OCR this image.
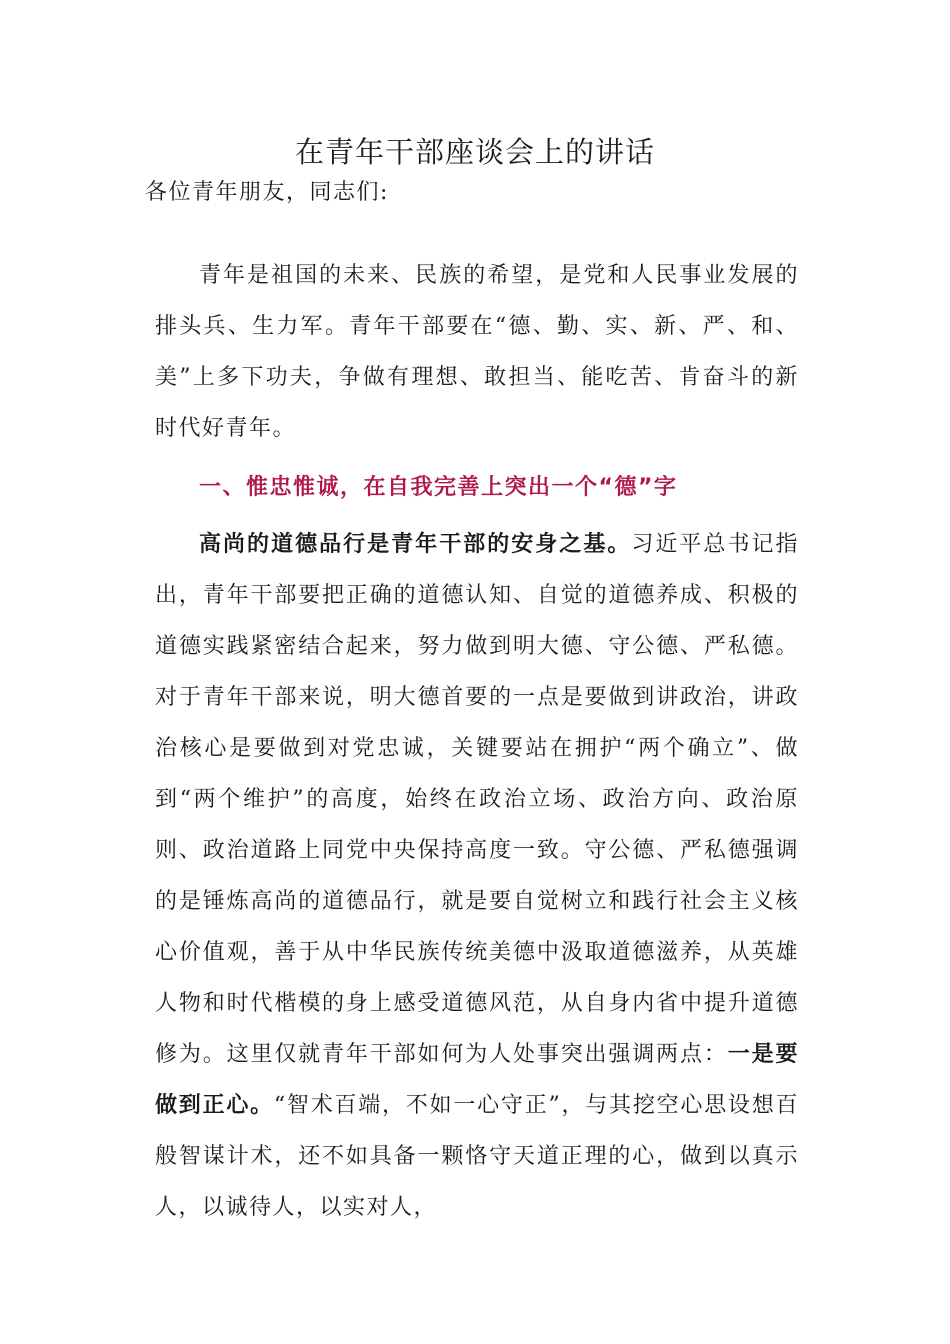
在青年干部座谈会上的讲话
各位青年朋友，同志们:

青年是祖国的未来、民族的希望，是党和人民事业发展的排头兵、生力军。青年干部要在“德、勤、实、新、严、和、美”上多下功夫，争做有理想、敢担当、能吃苦、肯奋斗的新时代好青年。

一、惟忠惟诚，在自我完善上突出一个“德”字

高尚的道德品行是青年干部的安身之基。习近平总书记指出，青年干部要把正确的道德认知、自觉的道德养成、积极的道德实践紧密结合起来，努力做到明大德、守公德、严私德。对于青年干部来说，明大德首要的一点是要做到讲政治，讲政治核心是要做到对党忠诚，关键要站在拥护“两个确立”、做到“两个维护”的高度，始终在政治立场、政治方向、政治原则、政治道路上同党中央保持高度一致。守公德、严私德强调的是锤炼高尚的道德品行，就是要自觉树立和践行社会主义核心价值观，善于从中华民族传统美德中汲取道德滋养，从英雄人物和时代楷模的身上感受道德风范，从自身内省中提升道德修为。这里仅就青年干部如何为人处事突出强调两点：一是要做到正心。“智术百端，不如一心守正”，与其挖空心思设想百般智谋计术，还不如具备一颗恪守天道正理的心，做到以真示人，以诚待人，以实对人，
